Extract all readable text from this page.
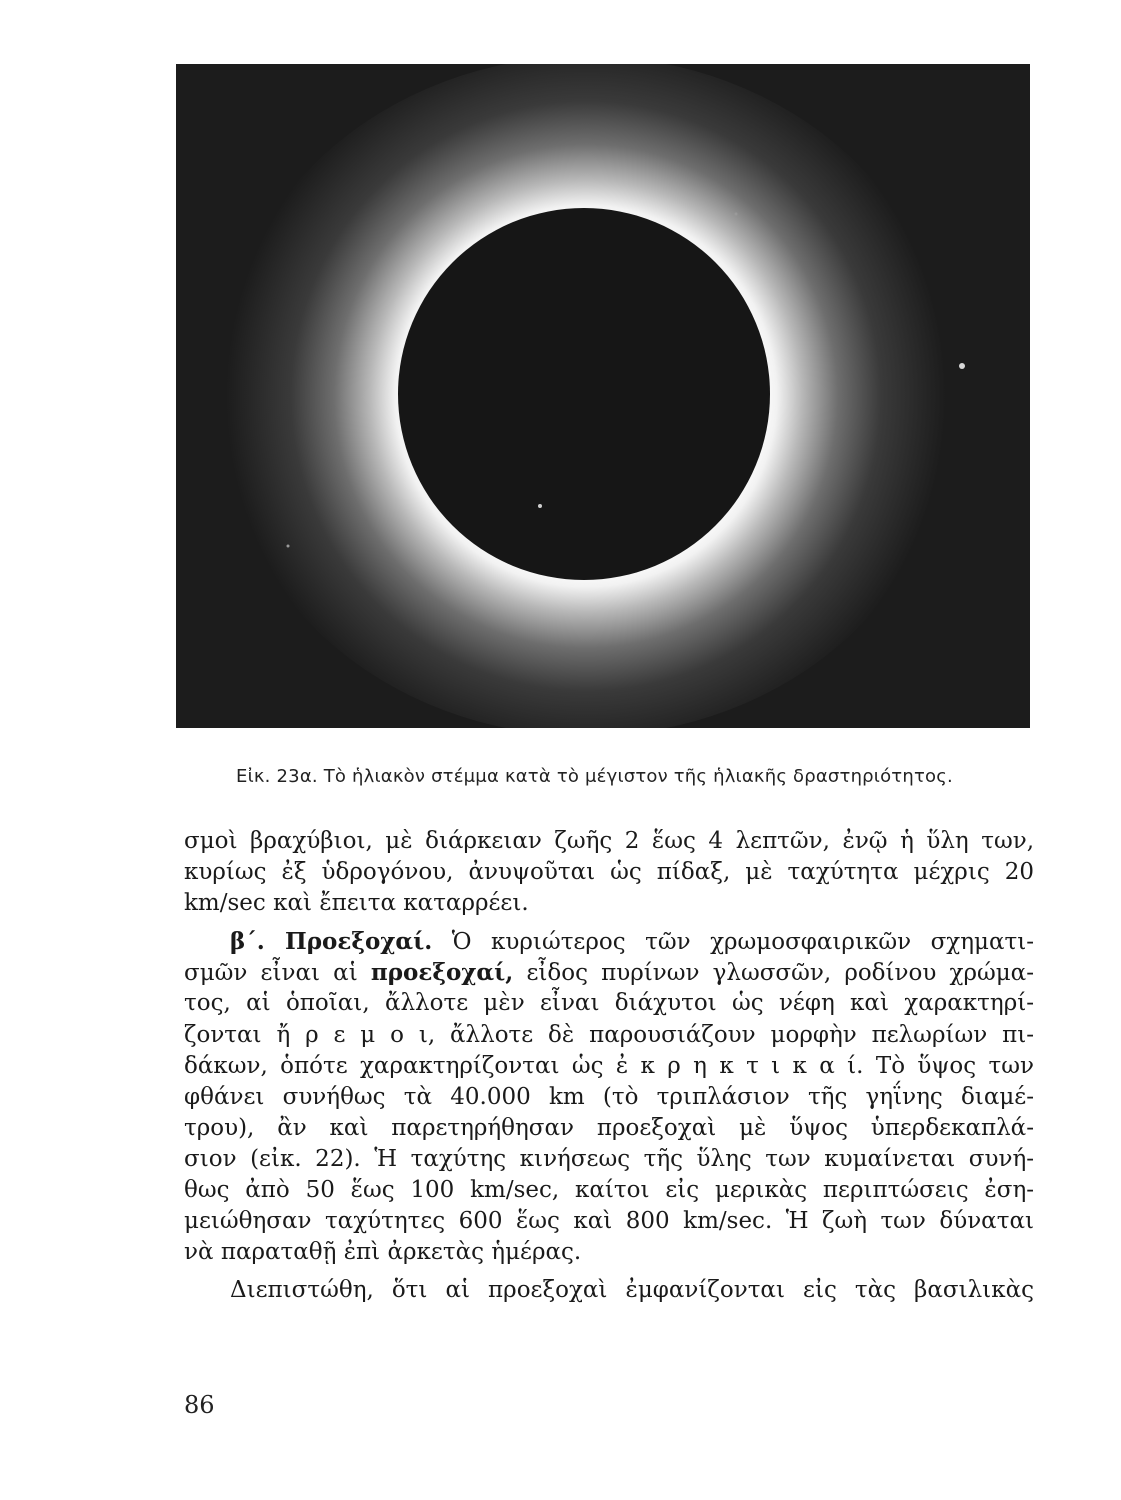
Εἰκ. 23α. Τὸ ἡλιακὸν στέμμα κατὰ τὸ μέγιστον τῆς ἡλιακῆς δραστηριότητος.
σμοὶ βραχύβιοι, μὲ διάρκειαν ζωῆς 2 ἕως 4 λεπτῶν, ἐνῷ ἡ ὕλη των,
κυρίως ἐξ ὑδρογόνου, ἀνυψοῦται ὡς πίδαξ, μὲ ταχύτητα μέχρις 20
km/sec καὶ ἔπειτα καταρρέει.
β΄. Προεξοχαί. Ὁ κυριώτερος τῶν χρωμοσφαιρικῶν σχηματι-
σμῶν εἶναι αἱ προεξοχαί, εἶδος πυρίνων γλωσσῶν, ροδίνου χρώμα-
τος, αἱ ὁποῖαι, ἄλλοτε μὲν εἶναι διάχυτοι ὡς νέφη καὶ χαρακτηρί-
ζονται ἤ ρ ε μ ο ι, ἄλλοτε δὲ παρουσιάζουν μορφὴν πελωρίων πι-
δάκων, ὁπότε χαρακτηρίζονται ὡς ἐ κ ρ η κ τ ι κ α ί. Τὸ ὕψος των
φθάνει συνήθως τὰ 40.000 km (τὸ τριπλάσιον τῆς γηΐνης διαμέ-
τρου), ἂν καὶ παρετηρήθησαν προεξοχαὶ μὲ ὕψος ὑπερδεκαπλά-
σιον (εἰκ. 22). Ἡ ταχύτης κινήσεως τῆς ὕλης των κυμαίνεται συνή-
θως ἀπὸ 50 ἕως 100 km/sec, καίτοι εἰς μερικὰς περιπτώσεις ἐση-
μειώθησαν ταχύτητες 600 ἕως καὶ 800 km/sec. Ἡ ζωὴ των δύναται
νὰ παραταθῇ ἐπὶ ἀρκετὰς ἡμέρας.
Διεπιστώθη, ὅτι αἱ προεξοχαὶ ἐμφανίζονται εἰς τὰς βασιλικὰς
86
